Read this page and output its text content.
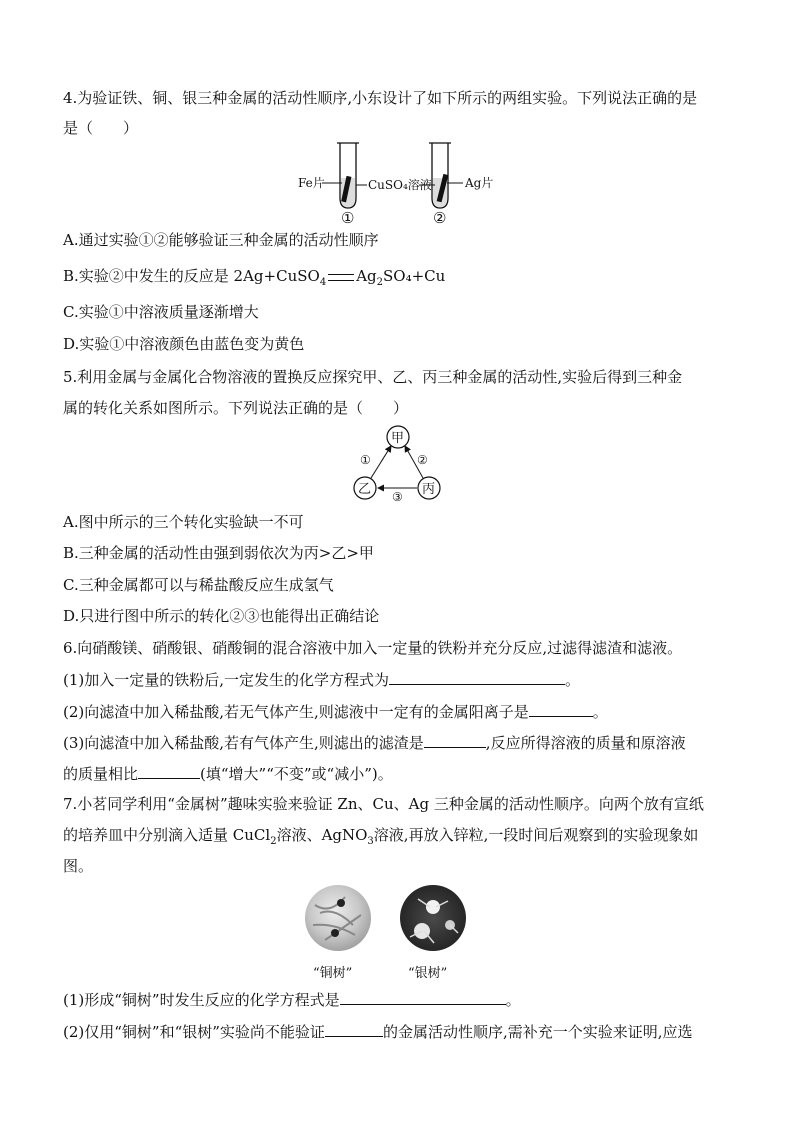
4.为验证铁、铜、银三种金属的活动性顺序,小东设计了如下所示的两组实验。下列说法正确的是
是（　　）
Fe片	CuSO₄溶液	Ag片
①	②
A.通过实验①②能够验证三种金属的活动性顺序
B.实验②中发生的反应是 2Ag+CuSO$_4$ $Ag_2SO_4+Cu$
C.实验①中溶液质量逐渐增大
D.实验①中溶液颜色由蓝色变为黄色
5.利用金属与金属化合物溶液的置换反应探究甲、乙、丙三种金属的活动性,实验后得到三种金
属的转化关系如图所示。下列说法正确的是（　　）
甲
乙	丙
①	②
③
A.图中所示的三个转化实验缺一不可
B.三种金属的活动性由强到弱依次为丙>乙>甲
C.三种金属都可以与稀盐酸反应生成氢气
D.只进行图中所示的转化②③也能得出正确结论
6.向硝酸镁、硝酸银、硝酸铜的混合溶液中加入一定量的铁粉并充分反应,过滤得滤渣和滤液。
(1)加入一定量的铁粉后,一定发生的化学方程式为	。
(2)向滤渣中加入稀盐酸,若无气体产生,则滤液中一定有的金属阳离子是	。
(3)向滤渣中加入稀盐酸,若有气体产生,则滤出的滤渣是	,反应所得溶液的质量和原溶液
的质量相比	(填“增大”“不变”或“减小”)。
7.小茗同学利用“金属树”趣味实验来验证 Zn、Cu、Ag 三种金属的活动性顺序。向两个放有宣纸
的培养皿中分别滴入适量 CuCl$_2$溶液、AgNO$_3$溶液,再放入锌粒,一段时间后观察到的实验现象如
图。
“铜树”	“银树”
(1)形成“铜树”时发生反应的化学方程式是	。
(2)仅用“铜树”和“银树”实验尚不能验证	的金属活动性顺序,需补充一个实验来证明,应选
